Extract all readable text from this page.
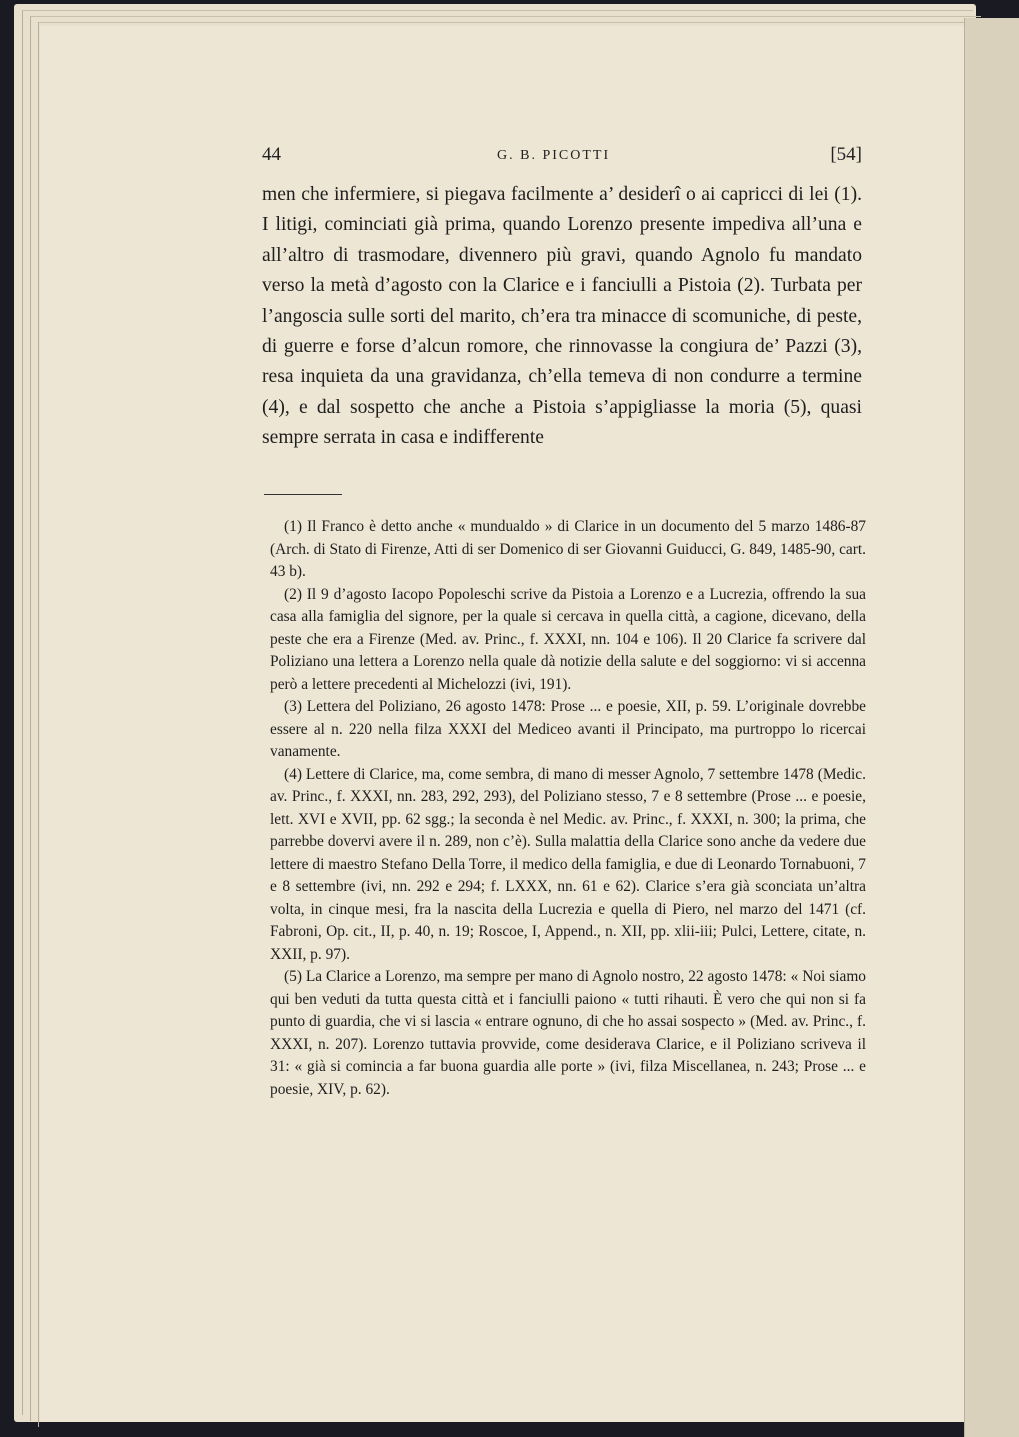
44	G. B. PICOTTI	[54]

men che infermiere, si piegava facilmente a’ desiderî o ai capricci di lei (1). I litigi, cominciati già prima, quando Lorenzo presente impediva all’una e all’altro di trasmodare, divennero più gravi, quando Agnolo fu mandato verso la metà d’agosto con la Clarice e i fanciulli a Pistoia (2). Turbata per l’angoscia sulle sorti del marito, ch’era tra minacce di scomuniche, di peste, di guerre e forse d’alcun romore, che rinnovasse la congiura de’ Pazzi (3), resa inquieta da una gravidanza, ch’ella temeva di non condurre a termine (4), e dal sospetto che anche a Pistoia s’appigliasse la moria (5), quasi sempre serrata in casa e indifferente

(1) Il Franco è detto anche « mundualdo » di Clarice in un documento del 5 marzo 1486-87 (Arch. di Stato di Firenze, Atti di ser Domenico di ser Giovanni Guiducci, G. 849, 1485-90, cart. 43 b).

(2) Il 9 d’agosto Iacopo Popoleschi scrive da Pistoia a Lorenzo e a Lucrezia, offrendo la sua casa alla famiglia del signore, per la quale si cercava in quella città, a cagione, dicevano, della peste che era a Firenze (Med. av. Princ., f. XXXI, nn. 104 e 106). Il 20 Clarice fa scrivere dal Poliziano una lettera a Lorenzo nella quale dà notizie della salute e del soggiorno: vi si accenna però a lettere precedenti al Michelozzi (ivi, 191).

(3) Lettera del Poliziano, 26 agosto 1478: Prose ... e poesie, XII, p. 59. L’originale dovrebbe essere al n. 220 nella filza XXXI del Mediceo avanti il Principato, ma purtroppo lo ricercai vanamente.

(4) Lettere di Clarice, ma, come sembra, di mano di messer Agnolo, 7 settembre 1478 (Medic. av. Princ., f. XXXI, nn. 283, 292, 293), del Poliziano stesso, 7 e 8 settembre (Prose ... e poesie, lett. XVI e XVII, pp. 62 sgg.; la seconda è nel Medic. av. Princ., f. XXXI, n. 300; la prima, che parrebbe dovervi avere il n. 289, non c’è). Sulla malattia della Clarice sono anche da vedere due lettere di maestro Stefano Della Torre, il medico della famiglia, e due di Leonardo Tornabuoni, 7 e 8 settembre (ivi, nn. 292 e 294; f. LXXX, nn. 61 e 62). Clarice s’era già sconciata un’altra volta, in cinque mesi, fra la nascita della Lucrezia e quella di Piero, nel marzo del 1471 (cf. Fabroni, Op. cit., II, p. 40, n. 19; Roscoe, I, Append., n. XII, pp. xlii-iii; Pulci, Lettere, citate, n. XXII, p. 97).

(5) La Clarice a Lorenzo, ma sempre per mano di Agnolo nostro, 22 agosto 1478: « Noi siamo qui ben veduti da tutta questa città et i fanciulli paiono « tutti rihauti. È vero che qui non si fa punto di guardia, che vi si lascia « entrare ognuno, di che ho assai sospecto » (Med. av. Princ., f. XXXI, n. 207). Lorenzo tuttavia provvide, come desiderava Clarice, e il Poliziano scriveva il 31: « già si comincia a far buona guardia alle porte » (ivi, filza Miscellanea, n. 243; Prose ... e poesie, XIV, p. 62).
